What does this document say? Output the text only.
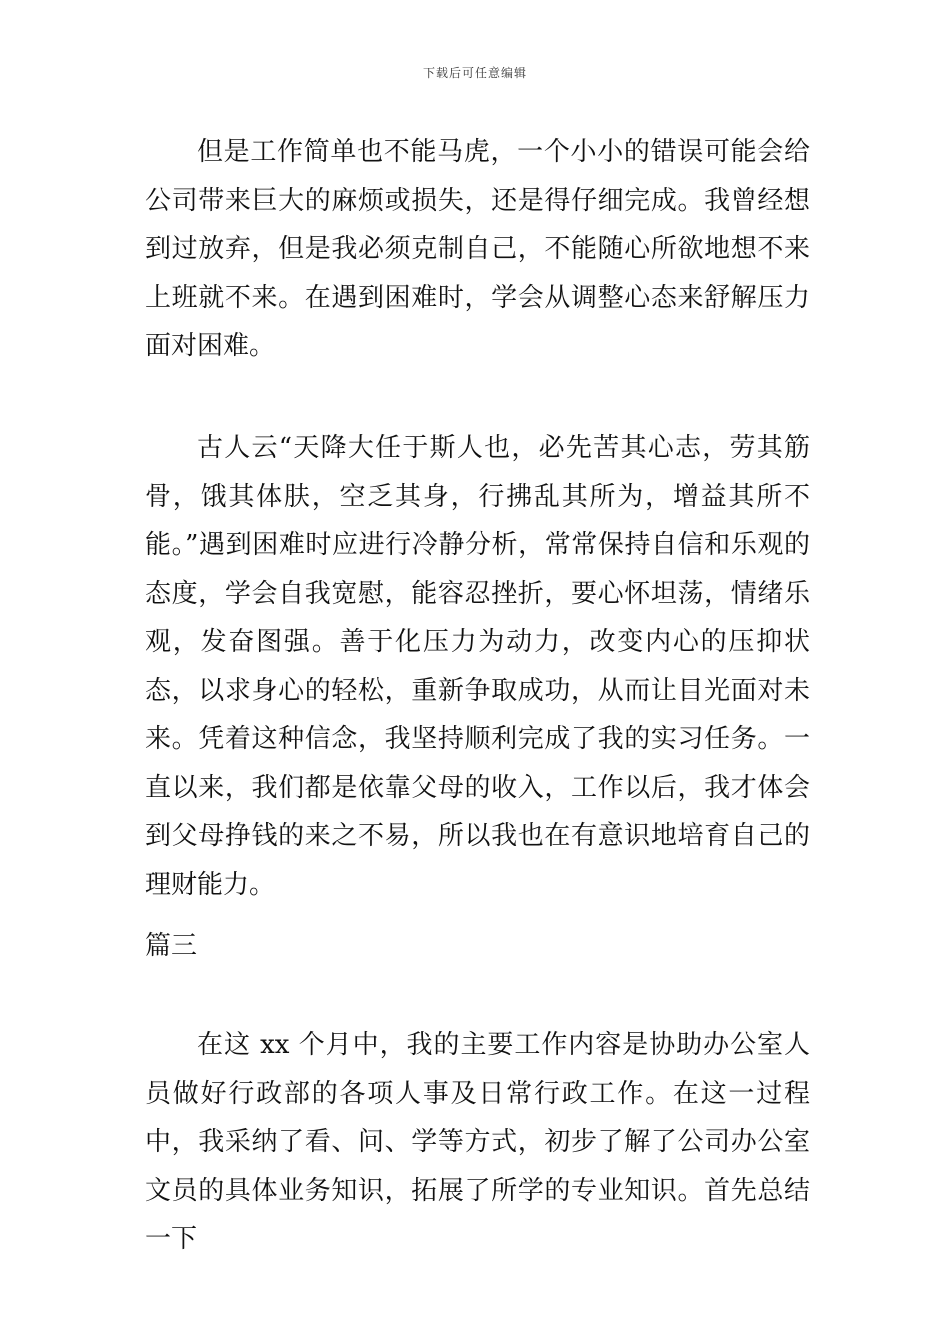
下载后可任意编辑

但是工作简单也不能马虎，一个小小的错误可能会给公司带来巨大的麻烦或损失，还是得仔细完成。我曾经想到过放弃，但是我必须克制自己，不能随心所欲地想不来上班就不来。在遇到困难时，学会从调整心态来舒解压力面对困难。

古人云“天降大任于斯人也，必先苦其心志，劳其筋骨，饿其体肤，空乏其身，行拂乱其所为，增益其所不能。”遇到困难时应进行冷静分析，常常保持自信和乐观的态度，学会自我宽慰，能容忍挫折，要心怀坦荡，情绪乐观，发奋图强。善于化压力为动力，改变内心的压抑状态，以求身心的轻松，重新争取成功，从而让目光面对未来。凭着这种信念，我坚持顺利完成了我的实习任务。一直以来，我们都是依靠父母的收入，工作以后，我才体会到父母挣钱的来之不易，所以我也在有意识地培育自己的理财能力。

篇三

在这 xx 个月中，我的主要工作内容是协助办公室人员做好行政部的各项人事及日常行政工作。在这一过程中，我采纳了看、问、学等方式，初步了解了公司办公室文员的具体业务知识，拓展了所学的专业知识。首先总结一下
